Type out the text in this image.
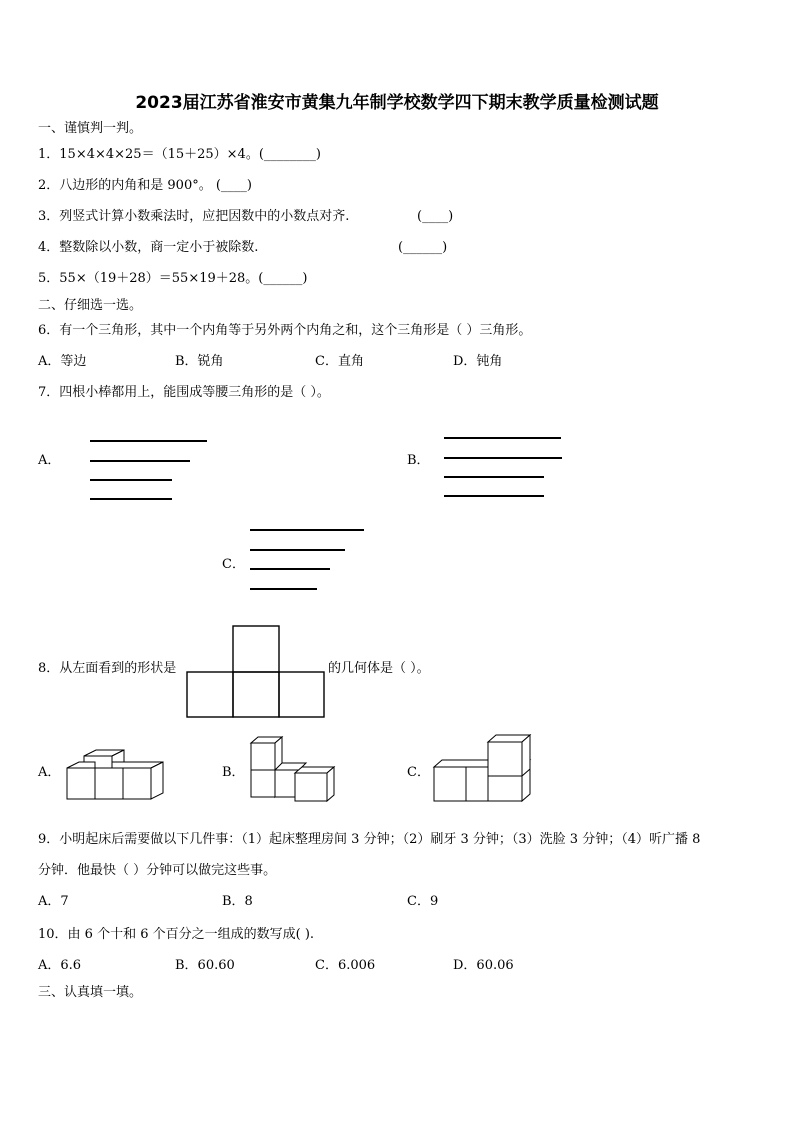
2023届江苏省淮安市黄集九年制学校数学四下期末教学质量检测试题
一、谨慎判一判。
1．15×4×4×25＝（15＋25）×4。(________)
2．八边形的内角和是 900°。 (____)
3．列竖式计算小数乘法时，应把因数中的小数点对齐.	(____)
4．整数除以小数，商一定小于被除数.	(______)
5．55×（19＋28）＝55×19＋28。(______)
二、仔细选一选。
6．有一个三角形，其中一个内角等于另外两个内角之和，这个三角形是（ ）三角形。
A．等边	B．锐角	C．直角	D．钝角
7．四根小棒都用上，能围成等腰三角形的是（ ）。
A．	B．
C．
8．从左面看到的形状是	的几何体是（ ）。
A．	B．	C．
9．小明起床后需要做以下几件事：（1）起床整理房间 3 分钟；（2）刷牙 3 分钟；（3）洗脸 3 分钟；（4）听广播 8
分钟．他最快（ ）分钟可以做完这些事。
A．7	B．8	C．9
10．由 6 个十和 6 个百分之一组成的数写成( ).
A．6.6	B．60.60	C．6.006	D．60.06
三、认真填一填。
